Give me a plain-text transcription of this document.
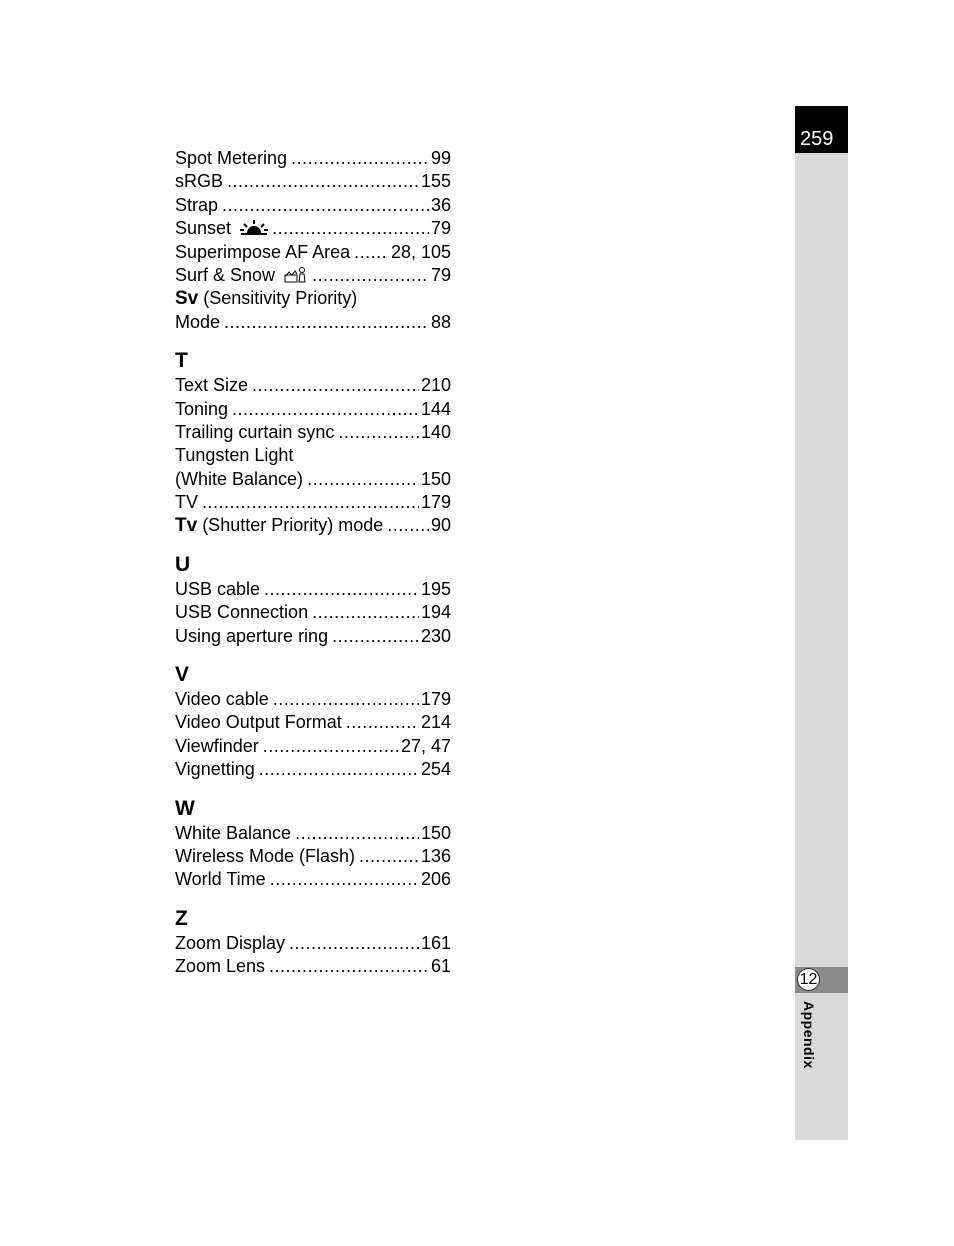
259
12
Appendix
Spot Metering .....	99
sRGB .....	155
Strap .....	36
Sunset .....	79
Superimpose AF Area ..... 28, 105
Surf & Snow .....	79
Sv (Sensitivity Priority)
Mode .....	88
T
Text Size .....	210
Toning .....	144
Trailing curtain sync .....	140
Tungsten Light
(White Balance) .....	150
TV .....	179
Tv (Shutter Priority) mode .....	90
U
USB cable .....	195
USB Connection .....	194
Using aperture ring .....	230
V
Video cable .....	179
Video Output Format .....	214
Viewfinder .....	27, 47
Vignetting .....	254
W
White Balance .....	150
Wireless Mode (Flash) .....	136
World Time .....	206
Z
Zoom Display .....	161
Zoom Lens .....	61
